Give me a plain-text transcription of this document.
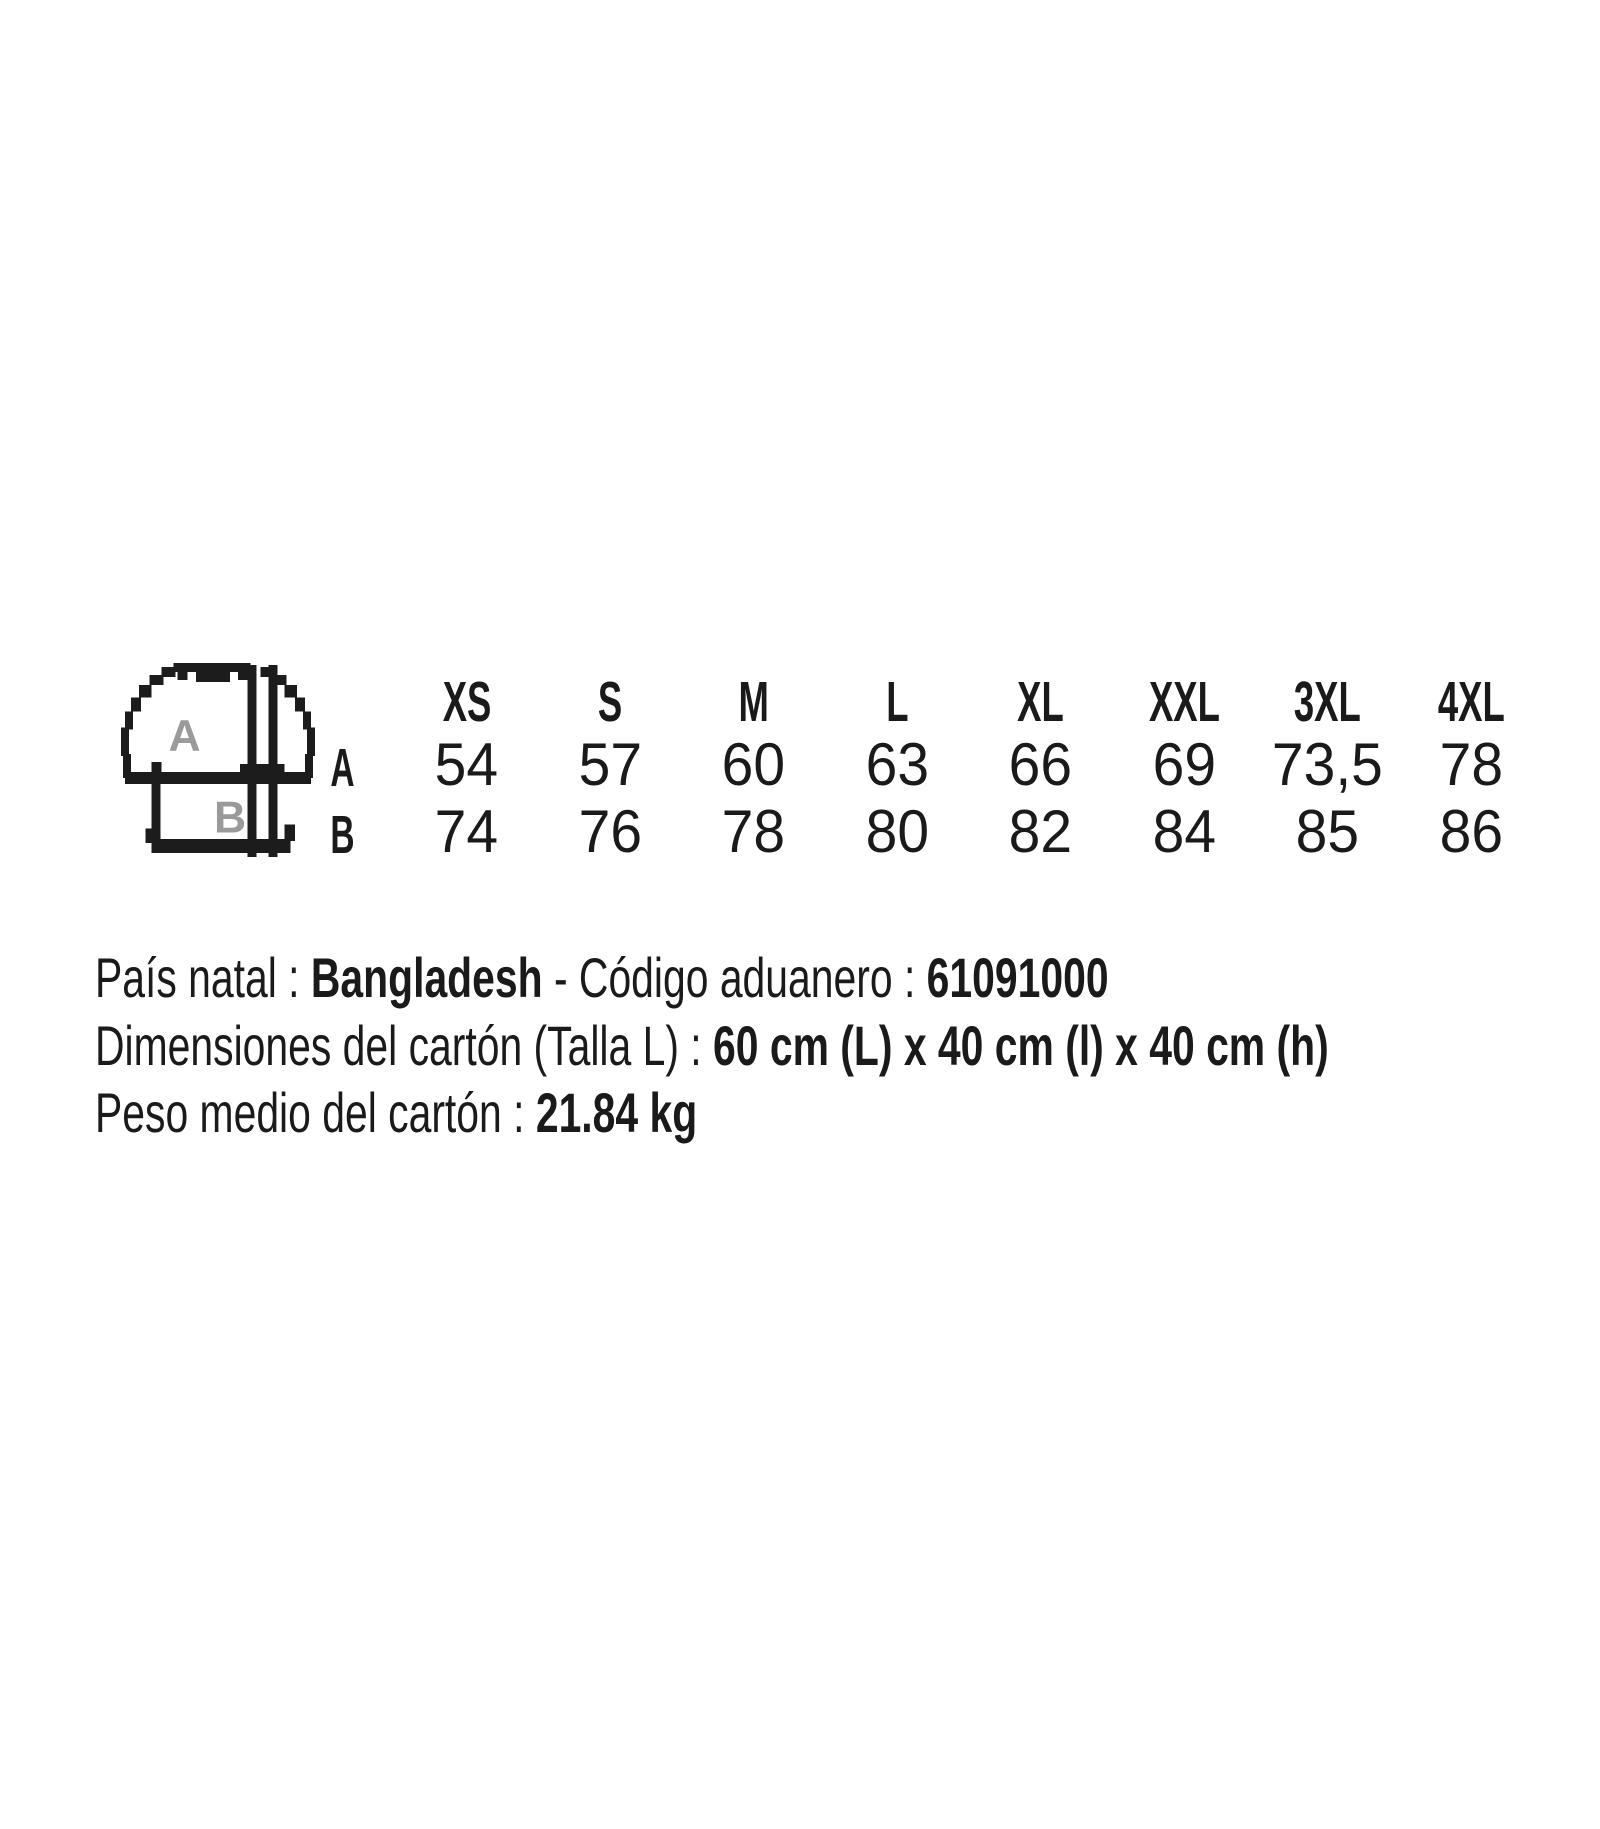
A
B
XS S M L XL XXL 3XL 4XL
A 54 57 60 63 66 69 73,5 78
B 74 76 78 80 82 84 85 86
País natal : Bangladesh - Código aduanero : 61091000
Dimensiones del cartón (Talla L) : 60 cm (L) x 40 cm (l) x 40 cm (h)
Peso medio del cartón : 21.84 kg
